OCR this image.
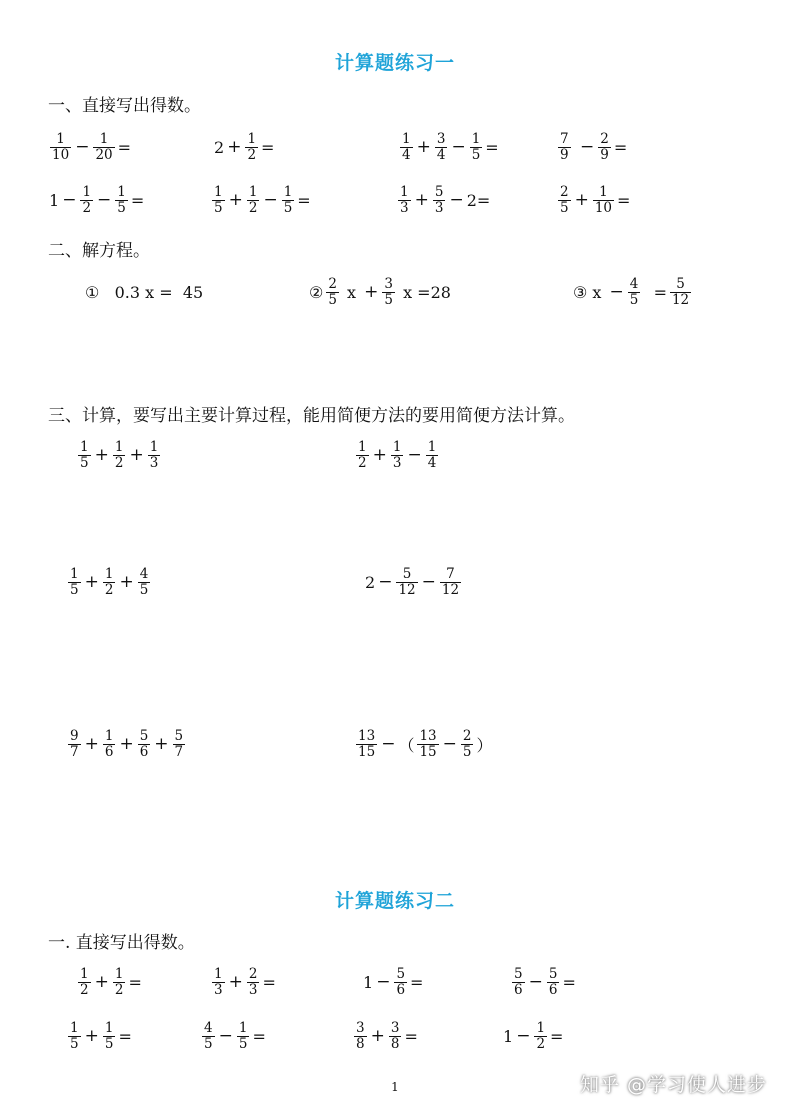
计算题练习一
一、直接写出得数。
$\frac{1}{10} - \frac{1}{20}$ =	$2 + \frac{1}{2}$ =	$\frac{1}{4} + \frac{3}{4} - \frac{1}{5}$ =	$\frac{7}{9} - \frac{2}{9}$ =
$1 - \frac{1}{2} - \frac{1}{5}$ =	$\frac{1}{5} + \frac{1}{2} - \frac{1}{5}$ =	$\frac{1}{3} + \frac{5}{3} - 2=$	$\frac{2}{5} + \frac{1}{10}$ =
二、解方程。
①   0.3 x =  45	② $\frac{2}{5}$ $x + \frac{3}{5}$ x =28	③ $x - \frac{4}{5} = \frac{5}{12}$
三、计算，要写出主要计算过程，能用简便方法的要用简便方法计算。
$\frac{1}{5} + \frac{1}{2} + \frac{1}{3}$	$\frac{1}{2} + \frac{1}{3} - \frac{1}{4}$
$\frac{1}{5} + \frac{1}{2} + \frac{4}{5}$	$2 - \frac{5}{12} - \frac{7}{12}$
$\frac{9}{7} + \frac{1}{6} + \frac{5}{6} + \frac{5}{7}$	$\frac{13}{15}$ − （ $\frac{13}{15} - \frac{2}{5}$ ）
计算题练习二
一. 直接写出得数。
$\frac{1}{2} + \frac{1}{2}$ =	$\frac{1}{3} + \frac{2}{3}$ =	$1 - \frac{5}{6}$ =	$\frac{5}{6} - \frac{5}{6}$ =
$\frac{1}{5} + \frac{1}{5}$ =	$\frac{4}{5} - \frac{1}{5}$ =	$\frac{3}{8} + \frac{3}{8}$ =	$1 - \frac{1}{2}$ =
1	知乎 @学习使人进步
